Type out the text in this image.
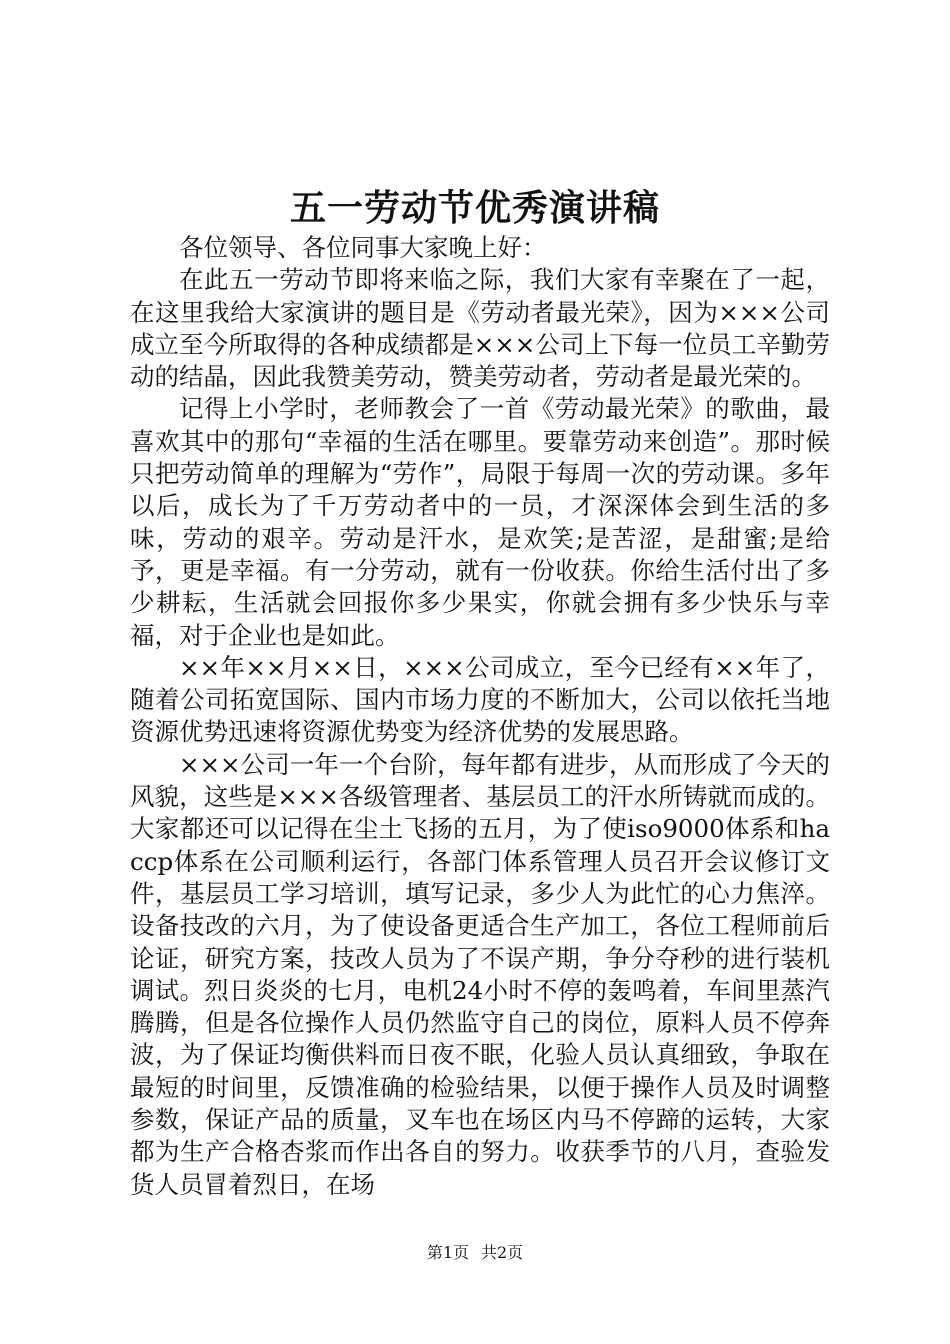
五一劳动节优秀演讲稿

各位领导、各位同事大家晚上好：

在此五一劳动节即将来临之际，我们大家有幸聚在了一起，在这里我给大家演讲的题目是《劳动者最光荣》，因为×××公司成立至今所取得的各种成绩都是×××公司上下每一位员工辛勤劳动的结晶，因此我赞美劳动，赞美劳动者，劳动者是最光荣的。

记得上小学时，老师教会了一首《劳动最光荣》的歌曲，最喜欢其中的那句“幸福的生活在哪里。要靠劳动来创造”。那时候只把劳动简单的理解为“劳作”，局限于每周一次的劳动课。多年以后，成长为了千万劳动者中的一员，才深深体会到生活的多味，劳动的艰辛。劳动是汗水，是欢笑;是苦涩，是甜蜜;是给予，更是幸福。有一分劳动，就有一份收获。你给生活付出了多少耕耘，生活就会回报你多少果实，你就会拥有多少快乐与幸福，对于企业也是如此。

××年××月××日，×××公司成立，至今已经有××年了，随着公司拓宽国际、国内市场力度的不断加大，公司以依托当地资源优势迅速将资源优势变为经济优势的发展思路。

×××公司一年一个台阶，每年都有进步，从而形成了今天的风貌，这些是×××各级管理者、基层员工的汗水所铸就而成的。大家都还可以记得在尘土飞扬的五月，为了使iso9000体系和haccp体系在公司顺利运行，各部门体系管理人员召开会议修订文件，基层员工学习培训，填写记录，多少人为此忙的心力焦淬。设备技改的六月，为了使设备更适合生产加工，各位工程师前后论证，研究方案，技改人员为了不误产期，争分夺秒的进行装机调试。烈日炎炎的七月，电机24小时不停的轰鸣着，车间里蒸汽腾腾，但是各位操作人员仍然监守自己的岗位，原料人员不停奔波，为了保证均衡供料而日夜不眠，化验人员认真细致，争取在最短的时间里，反馈准确的检验结果，以便于操作人员及时调整参数，保证产品的质量，叉车也在场区内马不停蹄的运转，大家都为生产合格杏浆而作出各自的努力。收获季节的八月，查验发货人员冒着烈日，在场

第1页 共2页
